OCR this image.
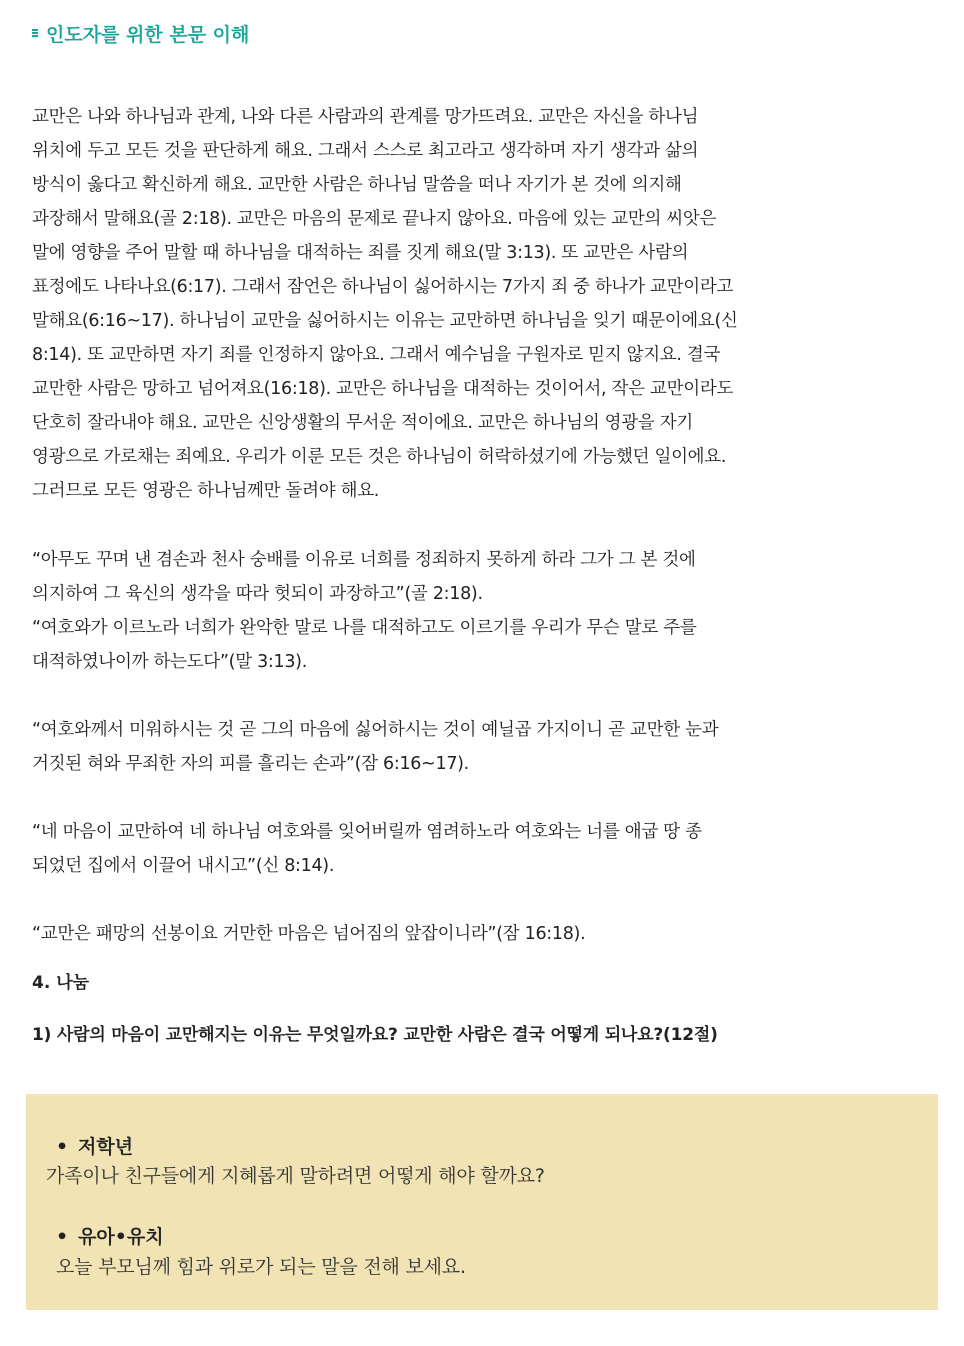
인도자를 위한 본문 이해

교만은 나와 하나님과 관계, 나와 다른 사람과의 관계를 망가뜨려요. 교만은 자신을 하나님
위치에 두고 모든 것을 판단하게 해요. 그래서 스스로 최고라고 생각하며 자기 생각과 삶의
방식이 옳다고 확신하게 해요. 교만한 사람은 하나님 말씀을 떠나 자기가 본 것에 의지해
과장해서 말해요(골 2:18). 교만은 마음의 문제로 끝나지 않아요. 마음에 있는 교만의 씨앗은
말에 영향을 주어 말할 때 하나님을 대적하는 죄를 짓게 해요(말 3:13). 또 교만은 사람의
표정에도 나타나요(6:17). 그래서 잠언은 하나님이 싫어하시는 7가지 죄 중 하나가 교만이라고
말해요(6:16~17). 하나님이 교만을 싫어하시는 이유는 교만하면 하나님을 잊기 때문이에요(신
8:14). 또 교만하면 자기 죄를 인정하지 않아요. 그래서 예수님을 구원자로 믿지 않지요. 결국
교만한 사람은 망하고 넘어져요(16:18). 교만은 하나님을 대적하는 것이어서, 작은 교만이라도
단호히 잘라내야 해요. 교만은 신앙생활의 무서운 적이에요. 교만은 하나님의 영광을 자기
영광으로 가로채는 죄예요. 우리가 이룬 모든 것은 하나님이 허락하셨기에 가능했던 일이에요.
그러므로 모든 영광은 하나님께만 돌려야 해요.

“아무도 꾸며 낸 겸손과 천사 숭배를 이유로 너희를 정죄하지 못하게 하라 그가 그 본 것에
의지하여 그 육신의 생각을 따라 헛되이 과장하고”(골 2:18).

“여호와가 이르노라 너희가 완악한 말로 나를 대적하고도 이르기를 우리가 무슨 말로 주를
대적하였나이까 하는도다”(말 3:13).

“여호와께서 미워하시는 것 곧 그의 마음에 싫어하시는 것이 예닐곱 가지이니 곧 교만한 눈과
거짓된 혀와 무죄한 자의 피를 흘리는 손과”(잠 6:16~17).

“네 마음이 교만하여 네 하나님 여호와를 잊어버릴까 염려하노라 여호와는 너를 애굽 땅 종
되었던 집에서 이끌어 내시고”(신 8:14).

“교만은 패망의 선봉이요 거만한 마음은 넘어짐의 앞잡이니라”(잠 16:18).

4. 나눔
1) 사람의 마음이 교만해지는 이유는 무엇일까요? 교만한 사람은 결국 어떻게 되나요?(12절)
• 저학년
가족이나 친구들에게 지혜롭게 말하려면 어떻게 해야 할까요?
• 유아•유치
오늘 부모님께 힘과 위로가 되는 말을 전해 보세요.
